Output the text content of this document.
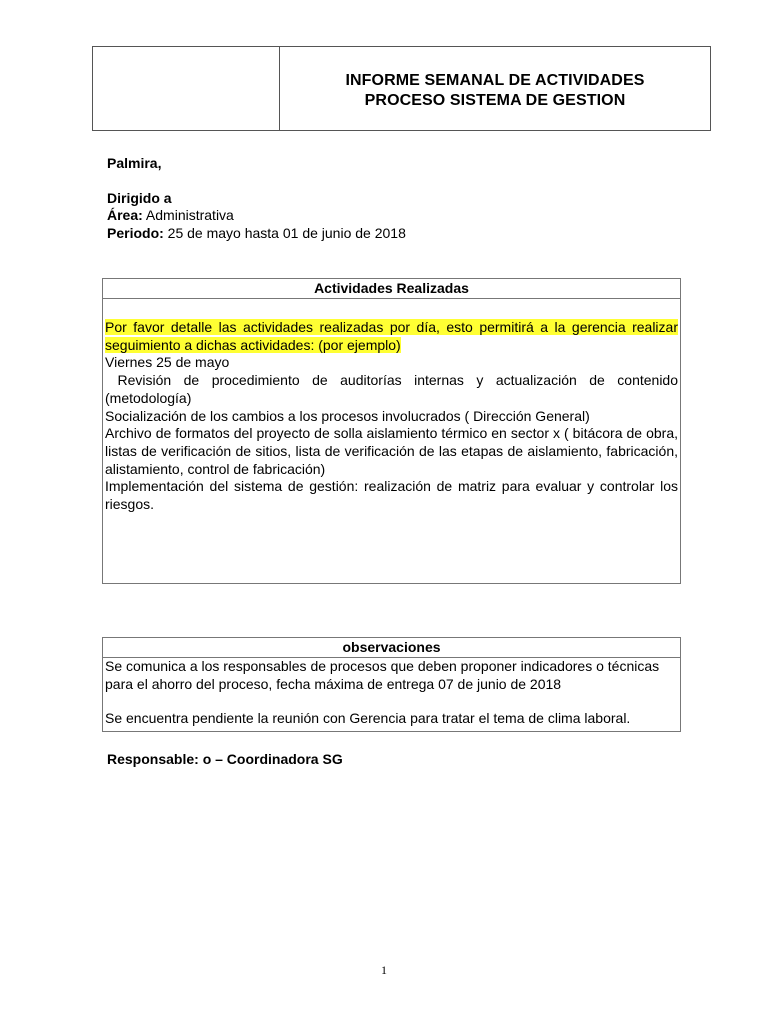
INFORME SEMANAL DE ACTIVIDADES
PROCESO SISTEMA DE GESTION
Palmira,
Dirigido a
Área: Administrativa
Periodo: 25 de mayo hasta 01 de junio de 2018
Actividades Realizadas

Por favor detalle las actividades realizadas por día, esto permitirá a la gerencia realizar seguimiento a dichas actividades: (por ejemplo)

Viernes 25 de mayo

Revisión de procedimiento de auditorías internas y actualización de contenido (metodología)

Socialización de los cambios a los procesos involucrados ( Dirección General)

Archivo de formatos del proyecto de solla aislamiento térmico en sector x ( bitácora de obra, listas de verificación de sitios, lista de verificación de las etapas de aislamiento, fabricación, alistamiento, control de fabricación)

Implementación del sistema de gestión: realización de matriz para evaluar y controlar los riesgos.

observaciones

Se comunica a los responsables de procesos que deben proponer indicadores o técnicas para el ahorro del proceso, fecha máxima de entrega 07 de junio de 2018

Se encuentra pendiente la reunión con Gerencia para tratar el tema de clima laboral.

Responsable: o – Coordinadora SG
1
